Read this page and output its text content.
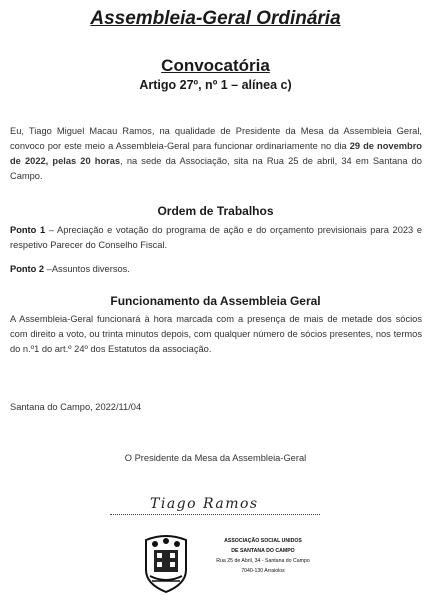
Assembleia-Geral Ordinária
Convocatória
Artigo 27º, nº 1 – alínea c)
Eu, Tiago Miguel Macau Ramos, na qualidade de Presidente da Mesa da Assembleia Geral, convoco por este meio a Assembleia-Geral para funcionar ordinariamente no dia 29 de novembro de 2022, pelas 20 horas, na sede da Associação, sita na Rua 25 de abril, 34 em Santana do Campo.
Ordem de Trabalhos
Ponto 1 – Apreciação e votação do programa de ação e do orçamento previsionais para 2023 e respetivo Parecer do Conselho Fiscal.
Ponto 2 –Assuntos diversos.
Funcionamento da Assembleia Geral
A Assembleia-Geral funcionará à hora marcada com a presença de mais de metade dos sócios com direito a voto, ou trinta minutos depois, com qualquer número de sócios presentes, nos termos do n.º1 do art.º 24º dos Estatutos da associação.
Santana do Campo, 2022/11/04
O Presidente da Mesa da Assembleia-Geral
Tiago Ramos
ASSOCIAÇÃO SOCIAL UNIDOS
DE SANTANA DO CAMPO
Rua 25 de Abril, 34 - Santana do Campo
7040-130 Arraiolos
